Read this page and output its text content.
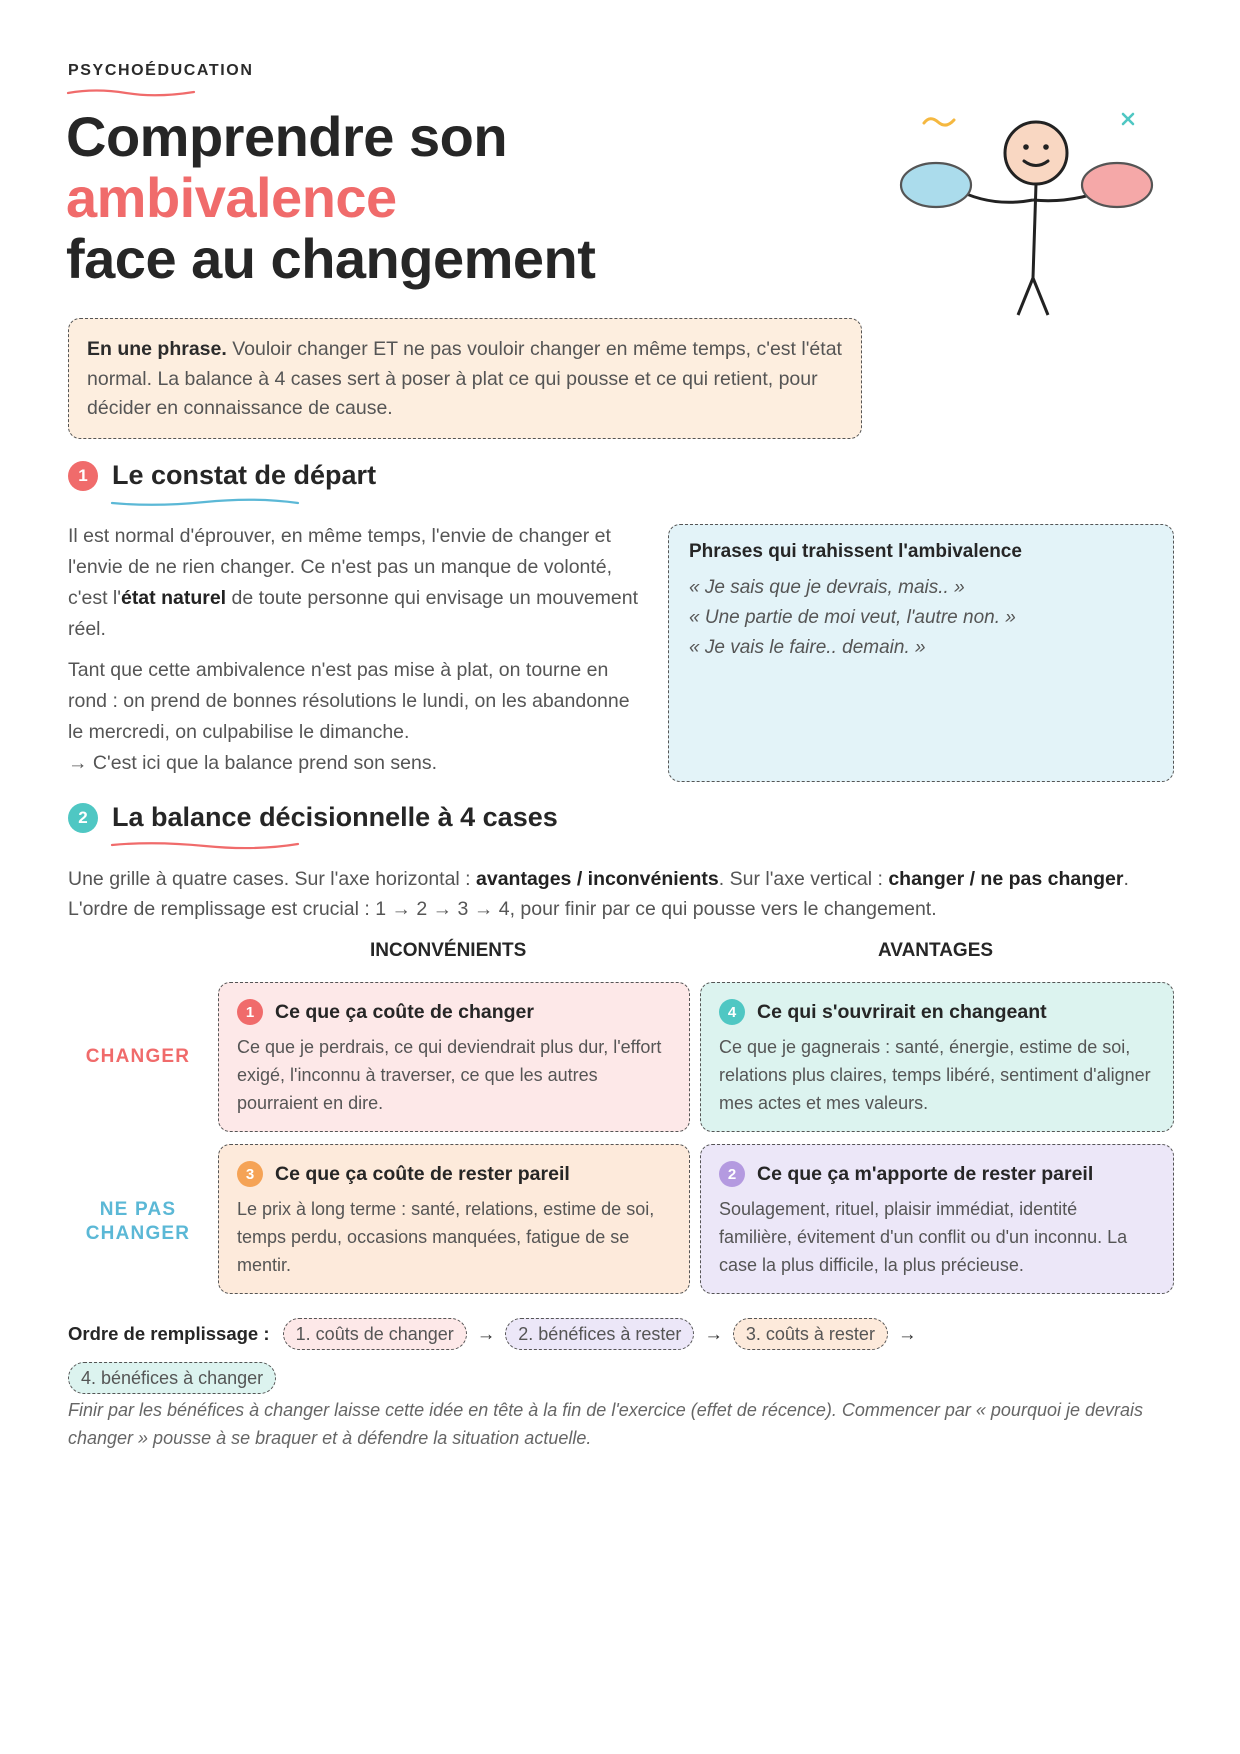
PSYCHOÉDUCATION
Comprendre son
ambivalence
face au changement
En une phrase. Vouloir changer ET ne pas vouloir changer en même temps, c'est l'état normal. La balance à 4 cases sert à poser à plat ce qui pousse et ce qui retient, pour décider en connaissance de cause.
1 Le constat de départ

Il est normal d'éprouver, en même temps, l'envie de changer et l'envie de ne rien changer. Ce n'est pas un manque de volonté, c'est l'état naturel de toute personne qui envisage un mouvement réel.

Tant que cette ambivalence n'est pas mise à plat, on tourne en rond : on prend de bonnes résolutions le lundi, on les abandonne le mercredi, on culpabilise le dimanche.
→ C'est ici que la balance prend son sens.

Phrases qui trahissent l'ambivalence
« Je sais que je devrais, mais.. »
« Une partie de moi veut, l'autre non. »
« Je vais le faire.. demain. »
2 La balance décisionnelle à 4 cases

Une grille à quatre cases. Sur l'axe horizontal : avantages / inconvénients. Sur l'axe vertical : changer / ne pas changer. L'ordre de remplissage est crucial : 1 → 2 → 3 → 4, pour finir par ce qui pousse vers le changement.

INCONVÉNIENTS	AVANTAGES
CHANGER
NE PAS
CHANGER
1	Ce que ça coûte de changer
Ce que je perdrais, ce qui deviendrait plus dur, l'effort exigé, l'inconnu à traverser, ce que les autres pourraient en dire.
4	Ce qui s'ouvrirait en changeant
Ce que je gagnerais : santé, énergie, estime de soi, relations plus claires, temps libéré, sentiment d'aligner mes actes et mes valeurs.
3	Ce que ça coûte de rester pareil
Le prix à long terme : santé, relations, estime de soi, temps perdu, occasions manquées, fatigue de se mentir.
2	Ce que ça m'apporte de rester pareil
Soulagement, rituel, plaisir immédiat, identité familière, évitement d'un conflit ou d'un inconnu. La case la plus difficile, la plus précieuse.
Ordre de remplissage : 1. coûts de changer → 2. bénéfices à rester → 3. coûts à rester →
4. bénéfices à changer

Finir par les bénéfices à changer laisse cette idée en tête à la fin de l'exercice (effet de récence). Commencer par « pourquoi je devrais changer » pousse à se braquer et à défendre la situation actuelle.
